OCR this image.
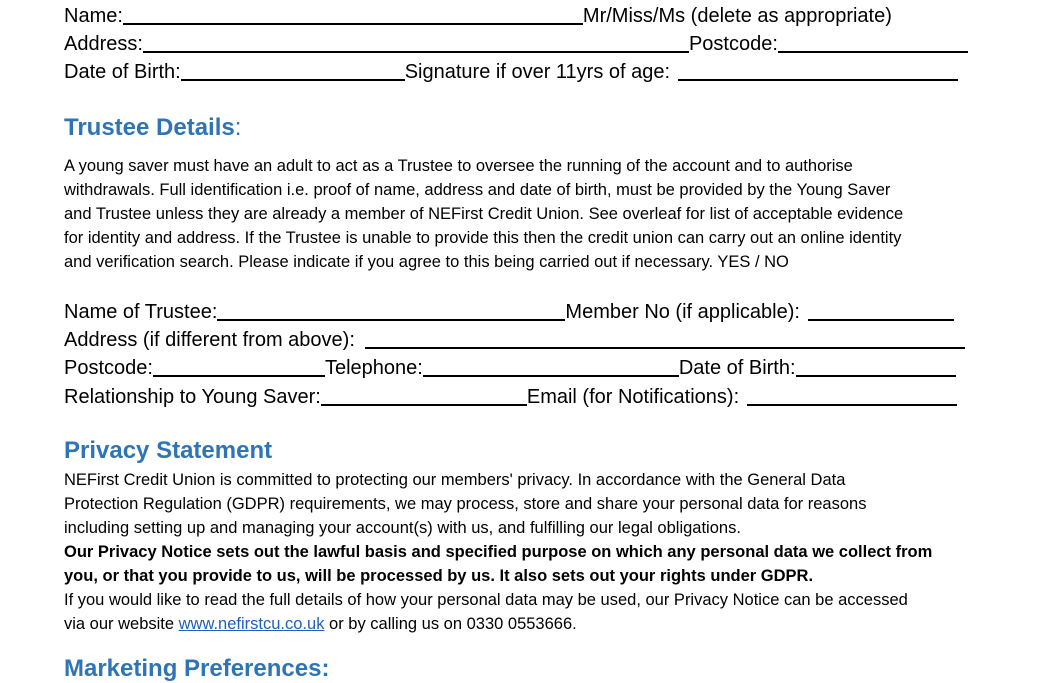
Name:	Mr/Miss/Ms (delete as appropriate)
Address:	Postcode:
Date of Birth:	Signature if over 11yrs of age:
Trustee Details:
A young saver must have an adult to act as a Trustee to oversee the running of the account and to authorise
withdrawals. Full identification i.e. proof of name, address and date of birth, must be provided by the Young Saver
and Trustee unless they are already a member of NEFirst Credit Union. See overleaf for list of acceptable evidence
for identity and address. If the Trustee is unable to provide this then the credit union can carry out an online identity
and verification search. Please indicate if you agree to this being carried out if necessary. YES / NO
Name of Trustee:	Member No (if applicable):
Address (if different from above):
Postcode:	Telephone:	Date of Birth:
Relationship to Young Saver:	Email (for Notifications):
Privacy Statement
NEFirst Credit Union is committed to protecting our members' privacy. In accordance with the General Data
Protection Regulation (GDPR) requirements, we may process, store and share your personal data for reasons
including setting up and managing your account(s) with us, and fulfilling our legal obligations.
Our Privacy Notice sets out the lawful basis and specified purpose on which any personal data we collect from
you, or that you provide to us, will be processed by us. It also sets out your rights under GDPR.
If you would like to read the full details of how your personal data may be used, our Privacy Notice can be accessed
via our website www.nefirstcu.co.uk or by calling us on 0330 0553666.
Marketing Preferences:
